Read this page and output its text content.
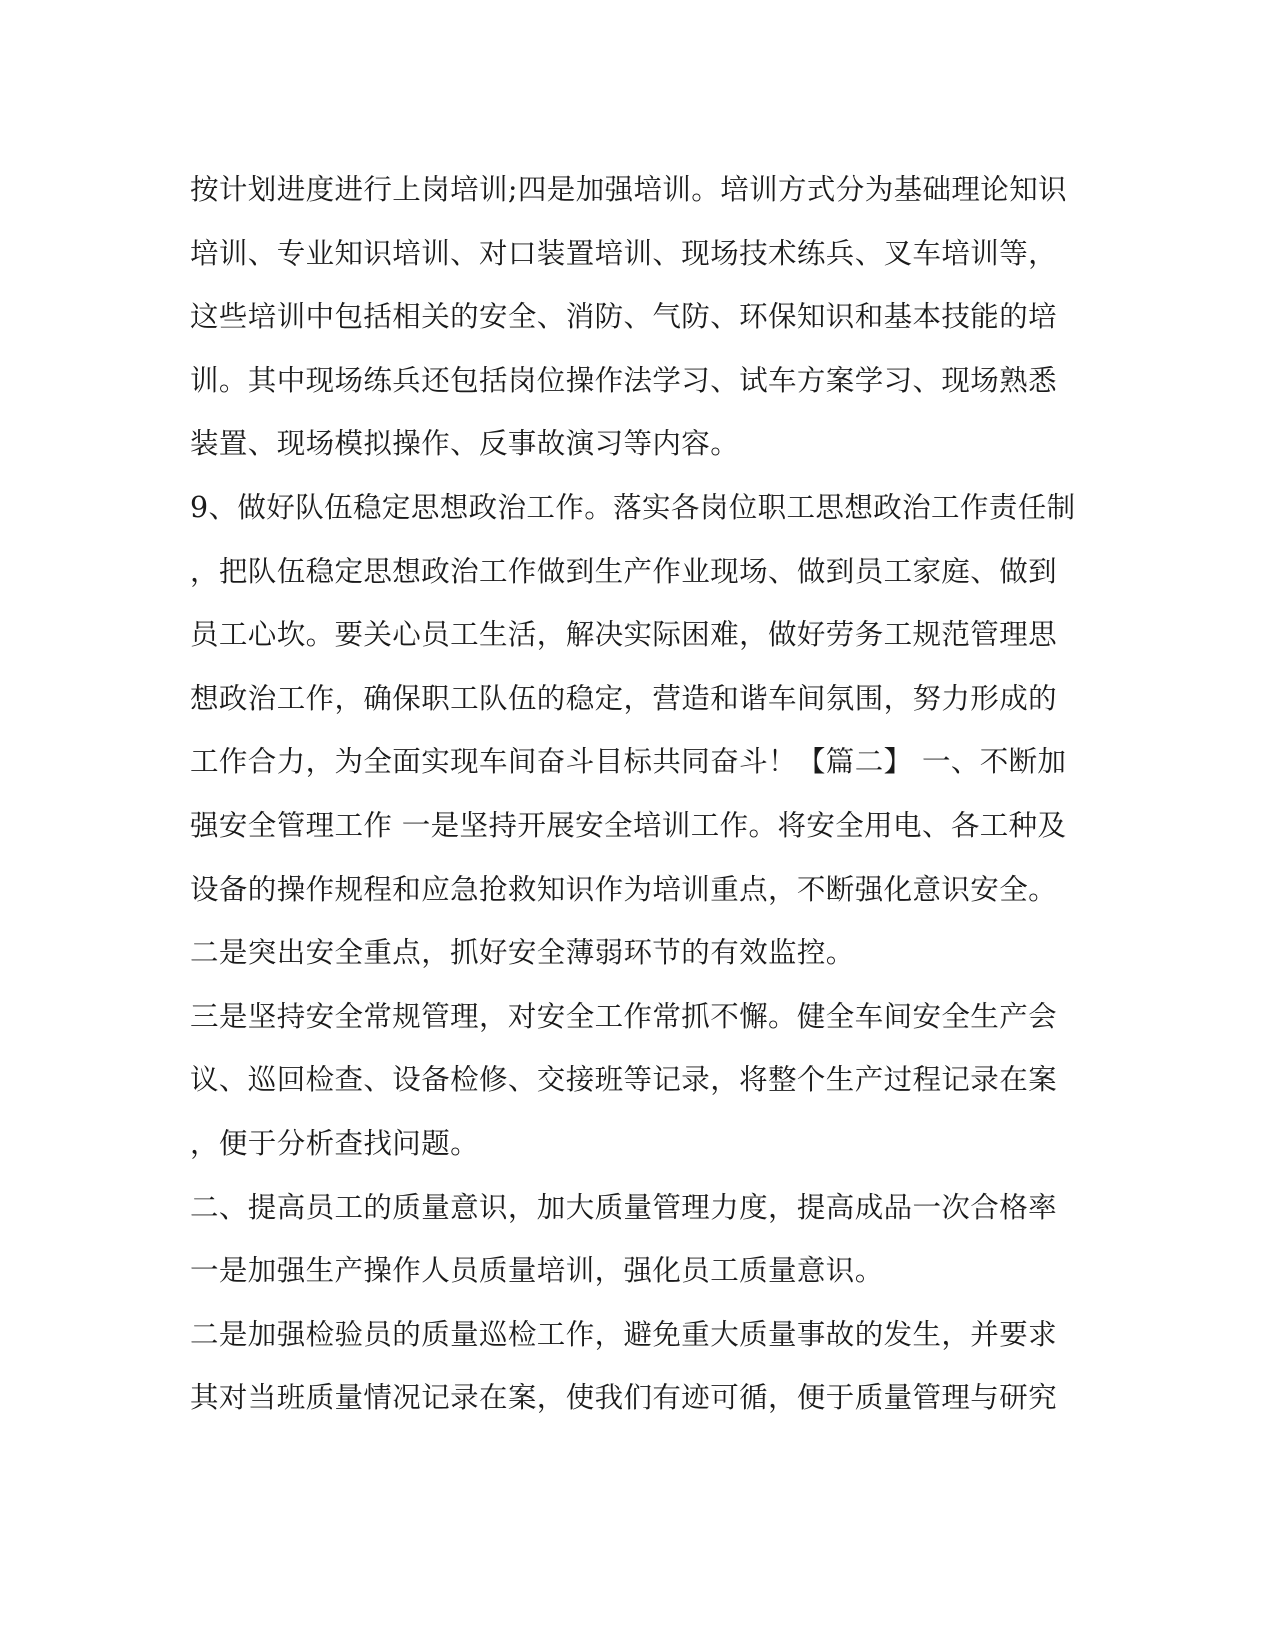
按计划进度进行上岗培训;四是加强培训。培训方式分为基础理论知识
培训、专业知识培训、对口装置培训、现场技术练兵、叉车培训等，
这些培训中包括相关的安全、消防、气防、环保知识和基本技能的培
训。其中现场练兵还包括岗位操作法学习、试车方案学习、现场熟悉
装置、现场模拟操作、反事故演习等内容。
9、做好队伍稳定思想政治工作。落实各岗位职工思想政治工作责任制
，把队伍稳定思想政治工作做到生产作业现场、做到员工家庭、做到
员工心坎。要关心员工生活，解决实际困难，做好劳务工规范管理思
想政治工作，确保职工队伍的稳定，营造和谐车间氛围，努力形成的
工作合力，为全面实现车间奋斗目标共同奋斗！【篇二】 一、不断加
强安全管理工作 一是坚持开展安全培训工作。将安全用电、各工种及
设备的操作规程和应急抢救知识作为培训重点，不断强化意识安全。
二是突出安全重点，抓好安全薄弱环节的有效监控。
三是坚持安全常规管理，对安全工作常抓不懈。健全车间安全生产会
议、巡回检查、设备检修、交接班等记录，将整个生产过程记录在案
，便于分析查找问题。
二、提高员工的质量意识，加大质量管理力度，提高成品一次合格率
一是加强生产操作人员质量培训，强化员工质量意识。
二是加强检验员的质量巡检工作，避免重大质量事故的发生，并要求
其对当班质量情况记录在案，使我们有迹可循，便于质量管理与研究
